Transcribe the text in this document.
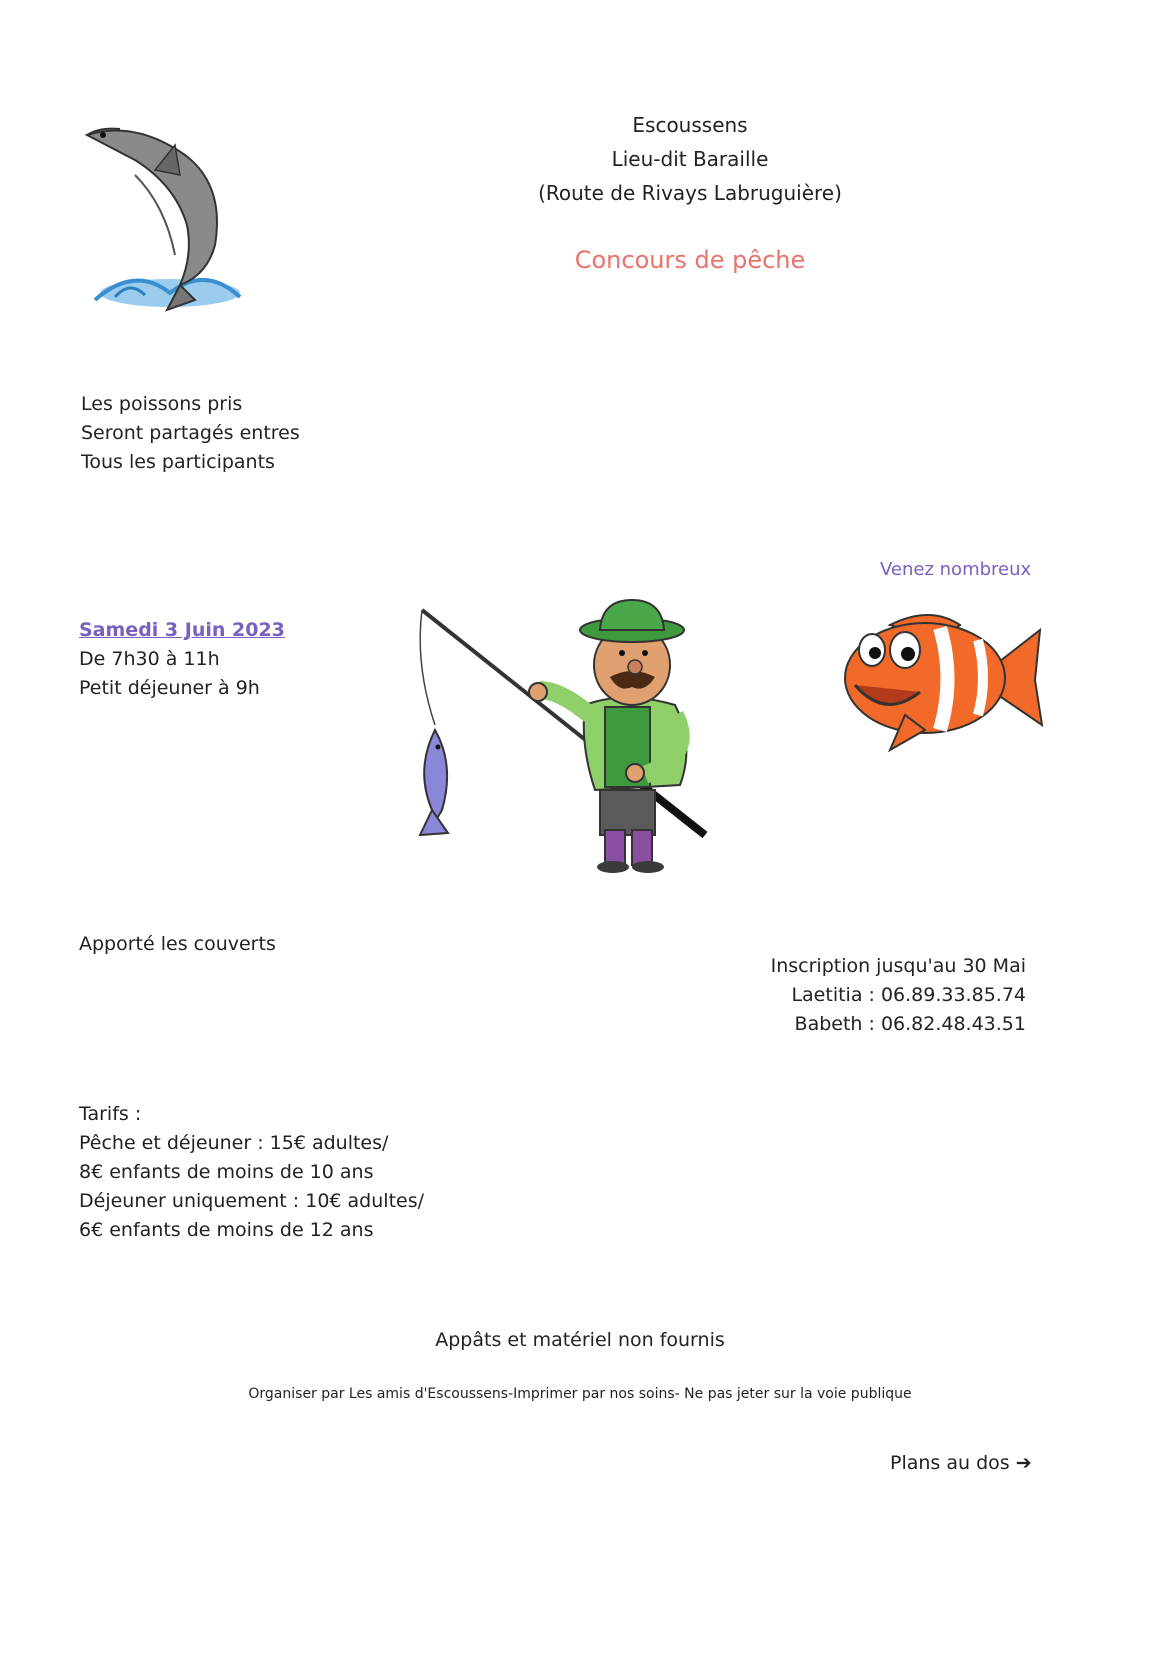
Escoussens
Lieu-dit Baraille
(Route de Rivays Labruguière)
Concours de pêche
Les poissons pris
Seront partagés entres
Tous les participants
Venez nombreux
Samedi 3 Juin 2023
De 7h30 à 11h
Petit déjeuner à 9h
Apporté les couverts
Inscription jusqu'au 30 Mai
Laetitia : 06.89.33.85.74
Babeth : 06.82.48.43.51
Tarifs :
Pêche et déjeuner : 15€ adultes/
8€ enfants de moins de 10 ans
Déjeuner uniquement : 10€ adultes/
6€ enfants de moins de 12 ans
Appâts et matériel non fournis
Organiser par Les amis d'Escoussens-Imprimer par nos soins- Ne pas jeter sur la voie publique
Plans au dos ➔
